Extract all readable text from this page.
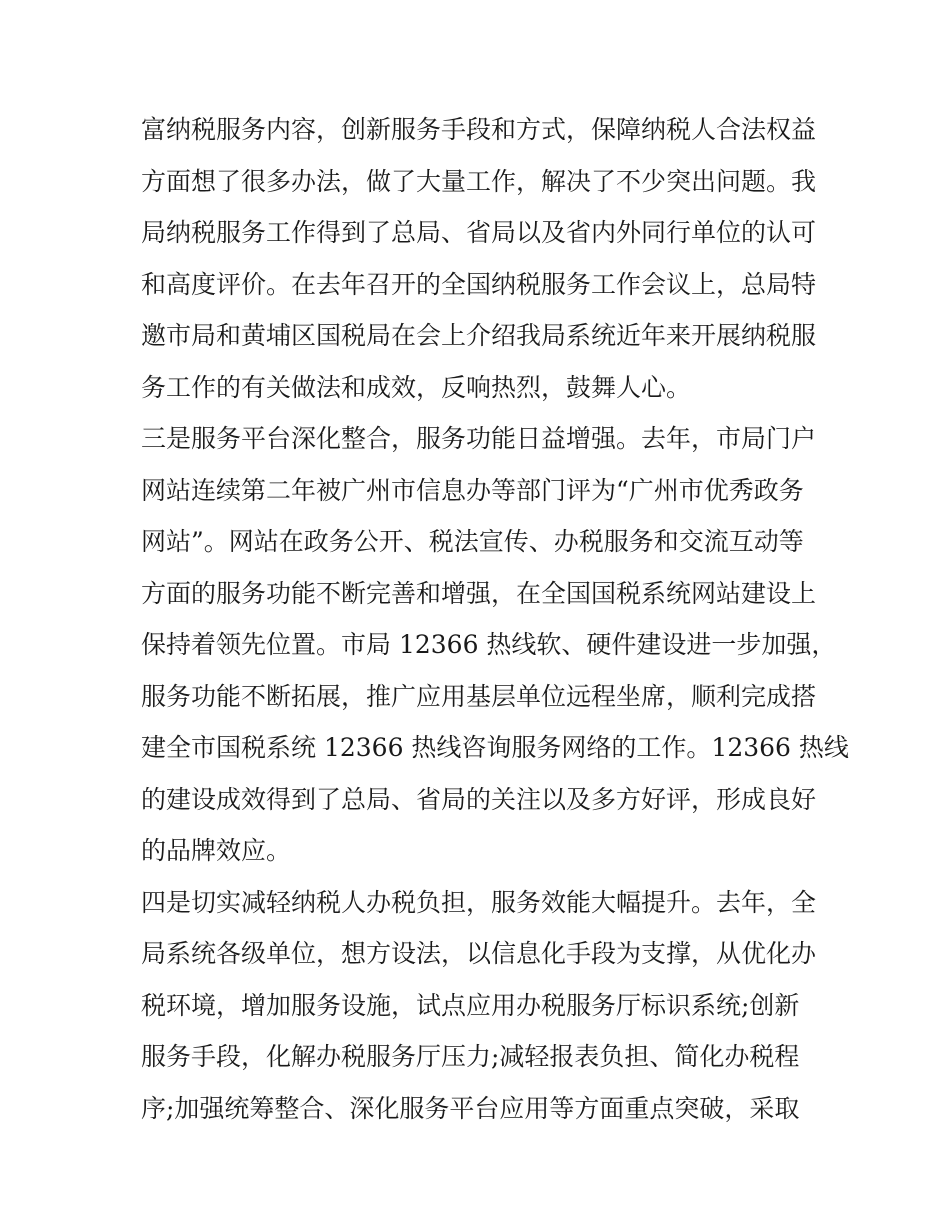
富纳税服务内容，创新服务手段和方式，保障纳税人合法权益
方面想了很多办法，做了大量工作，解决了不少突出问题。我
局纳税服务工作得到了总局、省局以及省内外同行单位的认可
和高度评价。在去年召开的全国纳税服务工作会议上，总局特
邀市局和黄埔区国税局在会上介绍我局系统近年来开展纳税服
务工作的有关做法和成效，反响热烈，鼓舞人心。
三是服务平台深化整合，服务功能日益增强。去年，市局门户
网站连续第二年被广州市信息办等部门评为“广州市优秀政务
网站”。网站在政务公开、税法宣传、办税服务和交流互动等
方面的服务功能不断完善和增强，在全国国税系统网站建设上
保持着领先位置。市局 12366 热线软、硬件建设进一步加强，
服务功能不断拓展，推广应用基层单位远程坐席，顺利完成搭
建全市国税系统 12366 热线咨询服务网络的工作。12366 热线
的建设成效得到了总局、省局的关注以及多方好评，形成良好
的品牌效应。
四是切实减轻纳税人办税负担，服务效能大幅提升。去年，全
局系统各级单位，想方设法，以信息化手段为支撑，从优化办
税环境，增加服务设施，试点应用办税服务厅标识系统;创新
服务手段，化解办税服务厅压力;减轻报表负担、简化办税程
序;加强统筹整合、深化服务平台应用等方面重点突破，采取
